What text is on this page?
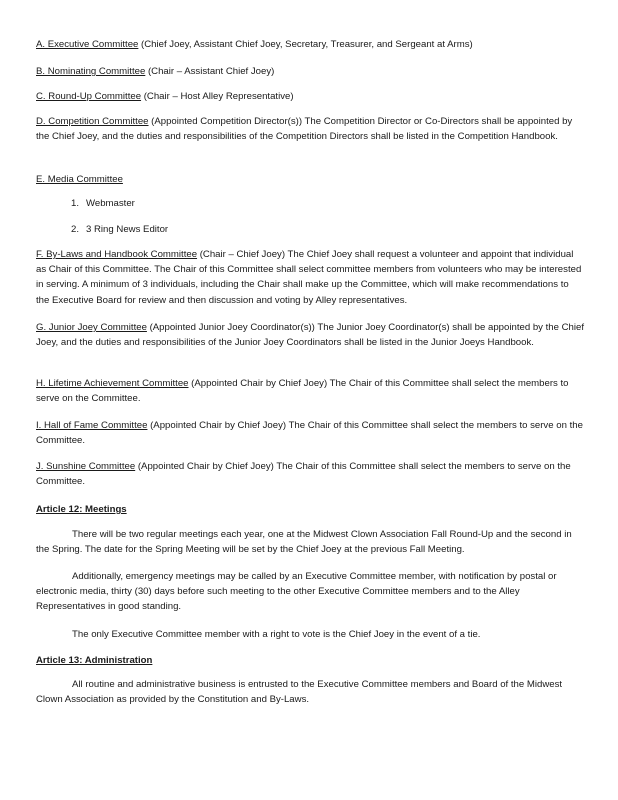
A. Executive Committee (Chief Joey, Assistant Chief Joey, Secretary, Treasurer, and Sergeant at Arms)

B. Nominating Committee (Chair – Assistant Chief Joey)

C. Round-Up Committee (Chair – Host Alley Representative)

D. Competition Committee (Appointed Competition Director(s)) The Competition Director or Co-Directors shall be appointed by the Chief Joey, and the duties and responsibilities of the Competition Directors shall be listed in the Competition Handbook.

E. Media Committee

1. Webmaster

2. 3 Ring News Editor

F. By-Laws and Handbook Committee (Chair – Chief Joey) The Chief Joey shall request a volunteer and appoint that individual as Chair of this Committee. The Chair of this Committee shall select committee members from volunteers who may be interested in serving. A minimum of 3 individuals, including the Chair shall make up the Committee, which will make recommendations to the Executive Board for review and then discussion and voting by Alley representatives.

G. Junior Joey Committee (Appointed Junior Joey Coordinator(s)) The Junior Joey Coordinator(s) shall be appointed by the Chief Joey, and the duties and responsibilities of the Junior Joey Coordinators shall be listed in the Junior Joeys Handbook.

H. Lifetime Achievement Committee (Appointed Chair by Chief Joey) The Chair of this Committee shall select the members to serve on the Committee.

I. Hall of Fame Committee (Appointed Chair by Chief Joey) The Chair of this Committee shall select the members to serve on the Committee.

J. Sunshine Committee (Appointed Chair by Chief Joey) The Chair of this Committee shall select the members to serve on the Committee.

Article 12: Meetings

There will be two regular meetings each year, one at the Midwest Clown Association Fall Round-Up and the second in the Spring. The date for the Spring Meeting will be set by the Chief Joey at the previous Fall Meeting.

Additionally, emergency meetings may be called by an Executive Committee member, with notification by postal or electronic media, thirty (30) days before such meeting to the other Executive Committee members and to the Alley Representatives in good standing.

The only Executive Committee member with a right to vote is the Chief Joey in the event of a tie.

Article 13: Administration

All routine and administrative business is entrusted to the Executive Committee members and Board of the Midwest Clown Association as provided by the Constitution and By-Laws.
